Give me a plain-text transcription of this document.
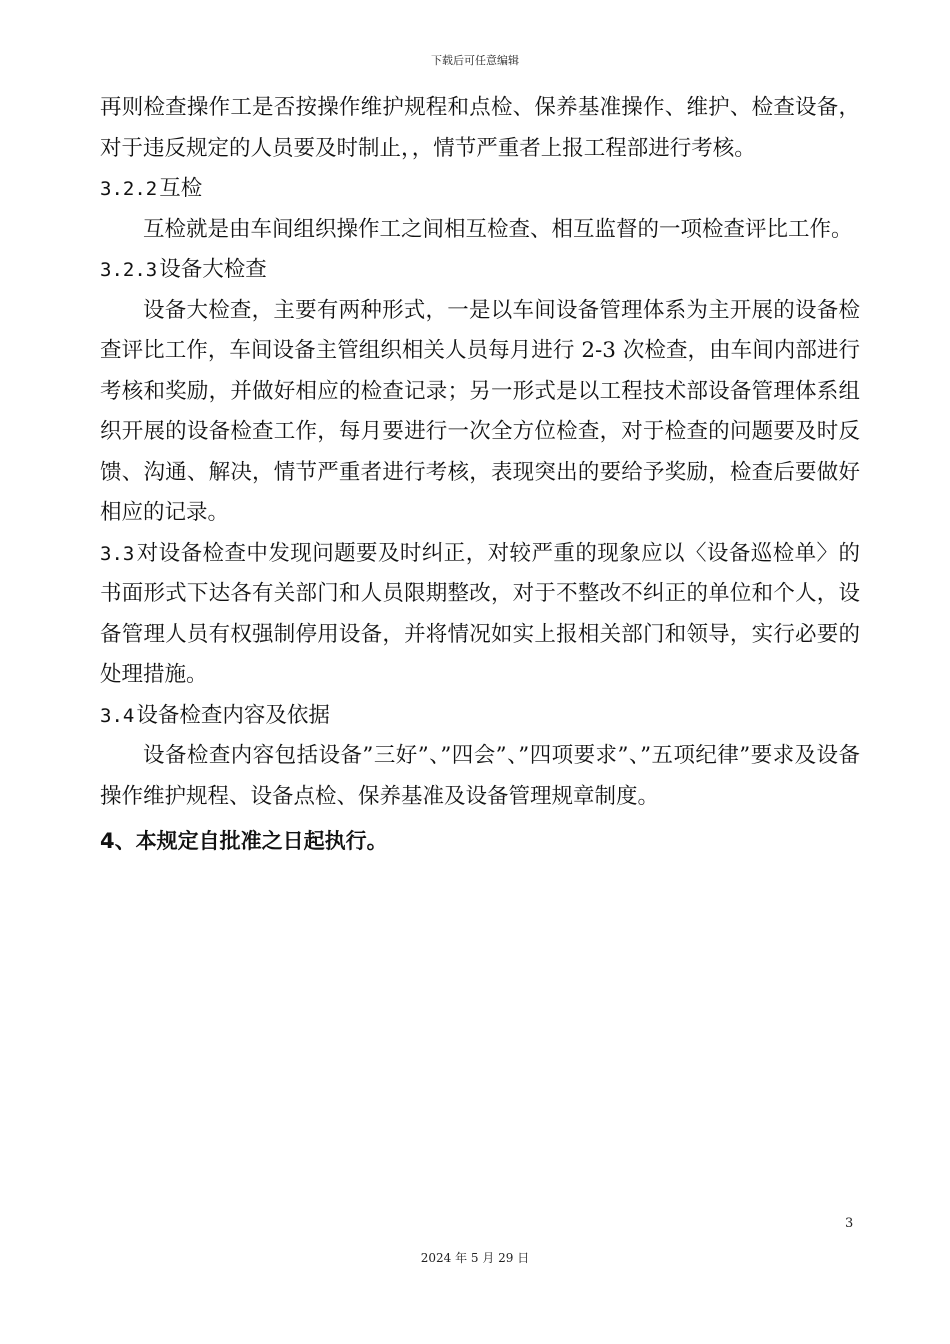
下载后可任意编辑

再则检查操作工是否按操作维护规程和点检、保养基准操作、维护、检查设备，对于违反规定的人员要及时制止，，情节严重者上报工程部进行考核。

3.2.2互检

互检就是由车间组织操作工之间相互检查、相互监督的一项检查评比工作。

3.2.3设备大检查

设备大检查，主要有两种形式，一是以车间设备管理体系为主开展的设备检查评比工作，车间设备主管组织相关人员每月进行 2-3 次检查，由车间内部进行考核和奖励，并做好相应的检查记录；另一形式是以工程技术部设备管理体系组织开展的设备检查工作，每月要进行一次全方位检查，对于检查的问题要及时反馈、沟通、解决，情节严重者进行考核，表现突出的要给予奖励，检查后要做好相应的记录。

3.3对设备检查中发现问题要及时纠正，对较严重的现象应以〈设备巡检单〉的书面形式下达各有关部门和人员限期整改，对于不整改不纠正的单位和个人，设备管理人员有权强制停用设备，并将情况如实上报相关部门和领导，实行必要的处理措施。

3.4设备检查内容及依据

设备检查内容包括设备”三好”、”四会”、”四项要求”、”五项纪律”要求及设备操作维护规程、设备点检、保养基准及设备管理规章制度。

4、本规定自批准之日起执行。

3
2024 年 5 月 29 日
